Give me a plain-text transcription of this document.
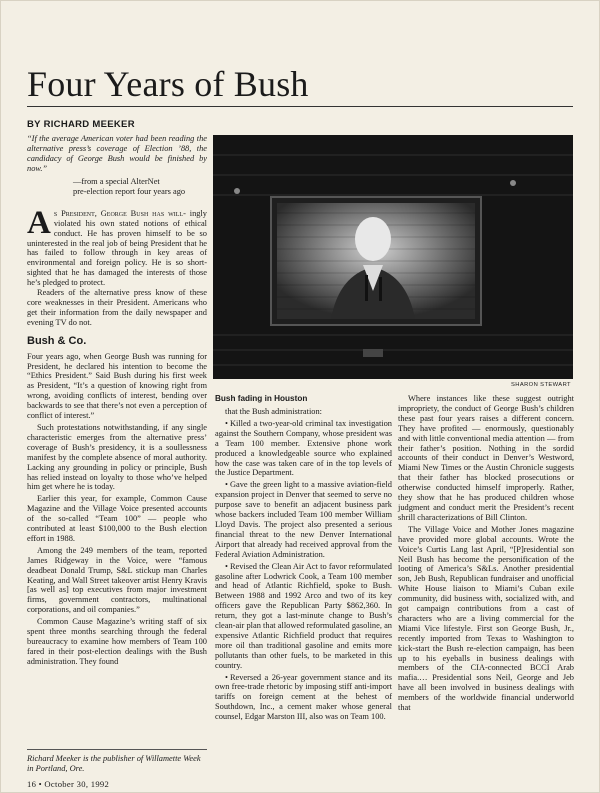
Four Years of Bush
BY RICHARD MEEKER

“If the average American voter had been reading the alternative press’s coverage of Election ’88, the candidacy of George Bush would be finished by now.”

—from a special AlterNet
pre-election report four years ago

As President, George Bush has will- ingly violated his own stated notions of ethical conduct. He has proven himself to be so uninterested in the real job of being President that he has failed to follow through in key areas of environmental and foreign policy. He is so short-sighted that he has damaged the interests of those he’s pledged to protect.

Readers of the alternative press know of these core weaknesses in their President. Americans who get their information from the daily newspaper and evening TV do not.

Bush & Co.

Four years ago, when George Bush was running for President, he declared his intention to become the “Ethics President.” Said Bush during his first week as President, “It’s a question of knowing right from wrong, avoiding conflicts of interest, bending over backwards to see that there’s not even a perception of conflict of interest.”

Such protestations notwithstanding, if any single characteristic emerges from the alternative press’ coverage of Bush’s presidency, it is a soullessness manifest by the complete absence of moral authority. Lacking any grounding in policy or principle, Bush has relied instead on loyalty to those who’ve helped him get where he is today.

Earlier this year, for example, Common Cause Magazine and the Village Voice presented accounts of the so-called “Team 100” — people who contributed at least $100,000 to the Bush election effort in 1988.

Among the 249 members of the team, reported James Ridgeway in the Voice, were “famous deadbeat Donald Trump, S&L stickup man Charles Keating, and Wall Street takeover artist Henry Kravis [as well as] top executives from major investment firms, government contractors, multinational corporations, and oil companies.”

Common Cause Magazine’s writing staff of six spent three months searching through the federal bureaucracy to examine how members of Team 100 fared in their post-election dealings with the Bush administration. They found

Richard Meeker is the publisher of Willamette Week in Portland, Ore.
16 • October 30, 1992
SHARON STEWART
Bush fading in Houston

that the Bush administration:

• Killed a two-year-old criminal tax investigation against the Southern Company, whose president was a Team 100 member. Extensive phone work produced a knowledgeable source who explained how the case was taken care of in the top levels of the Justice Department.

• Gave the green light to a massive aviation-field expansion project in Denver that seemed to serve no purpose save to benefit an adjacent business park whose backers included Team 100 member William Lloyd Davis. The project also presented a serious financial threat to the new Denver International Airport that already had received approval from the Federal Aviation Administration.

• Revised the Clean Air Act to favor reformulated gasoline after Lodwrick Cook, a Team 100 member and head of Atlantic Richfield, spoke to Bush. Between 1988 and 1992 Arco and two of its key officers gave the Republican Party $862,360. In return, they got a last-minute change to Bush’s clean-air plan that allowed reformulated gasoline, an expensive Atlantic Richfield product that requires more oil than traditional gasoline and emits more pollutants than other fuels, to be marketed in this country.

• Reversed a 26-year government stance and its own free-trade rhetoric by imposing stiff anti-import tariffs on foreign cement at the behest of Southdown, Inc., a cement maker whose general counsel, Edgar Marston III, also was on Team 100.

Where instances like these suggest outright impropriety, the conduct of George Bush’s children these past four years raises a different concern. They have profited — enormously, questionably and with little conventional media attention — from their father’s position. Nothing in the sordid accounts of their conduct in Denver’s Westword, Miami New Times or the Austin Chronicle suggests that their father has blocked prosecutions or otherwise conducted himself improperly. Rather, they show that he has produced children whose judgment and conduct merit the President’s recent shrill characterizations of Bill Clinton.

The Village Voice and Mother Jones magazine have provided more global accounts. Wrote the Voice’s Curtis Lang last April, “[P]residential son Neil Bush has become the personification of the looting of America’s S&Ls. Another presidential son, Jeb Bush, Republican fundraiser and unofficial White House liaison to Miami’s Cuban exile community, did business with, socialized with, and got campaign contributions from a cast of characters who are a living commercial for the Miami Vice lifestyle. First son George Bush, Jr., recently imported from Texas to Washington to kick-start the Bush re-election campaign, has been up to his eyeballs in business dealings with members of the CIA-connected BCCI Arab mafia.… Presidential sons Neil, George and Jeb have all been involved in business dealings with members of the worldwide financial underworld that
